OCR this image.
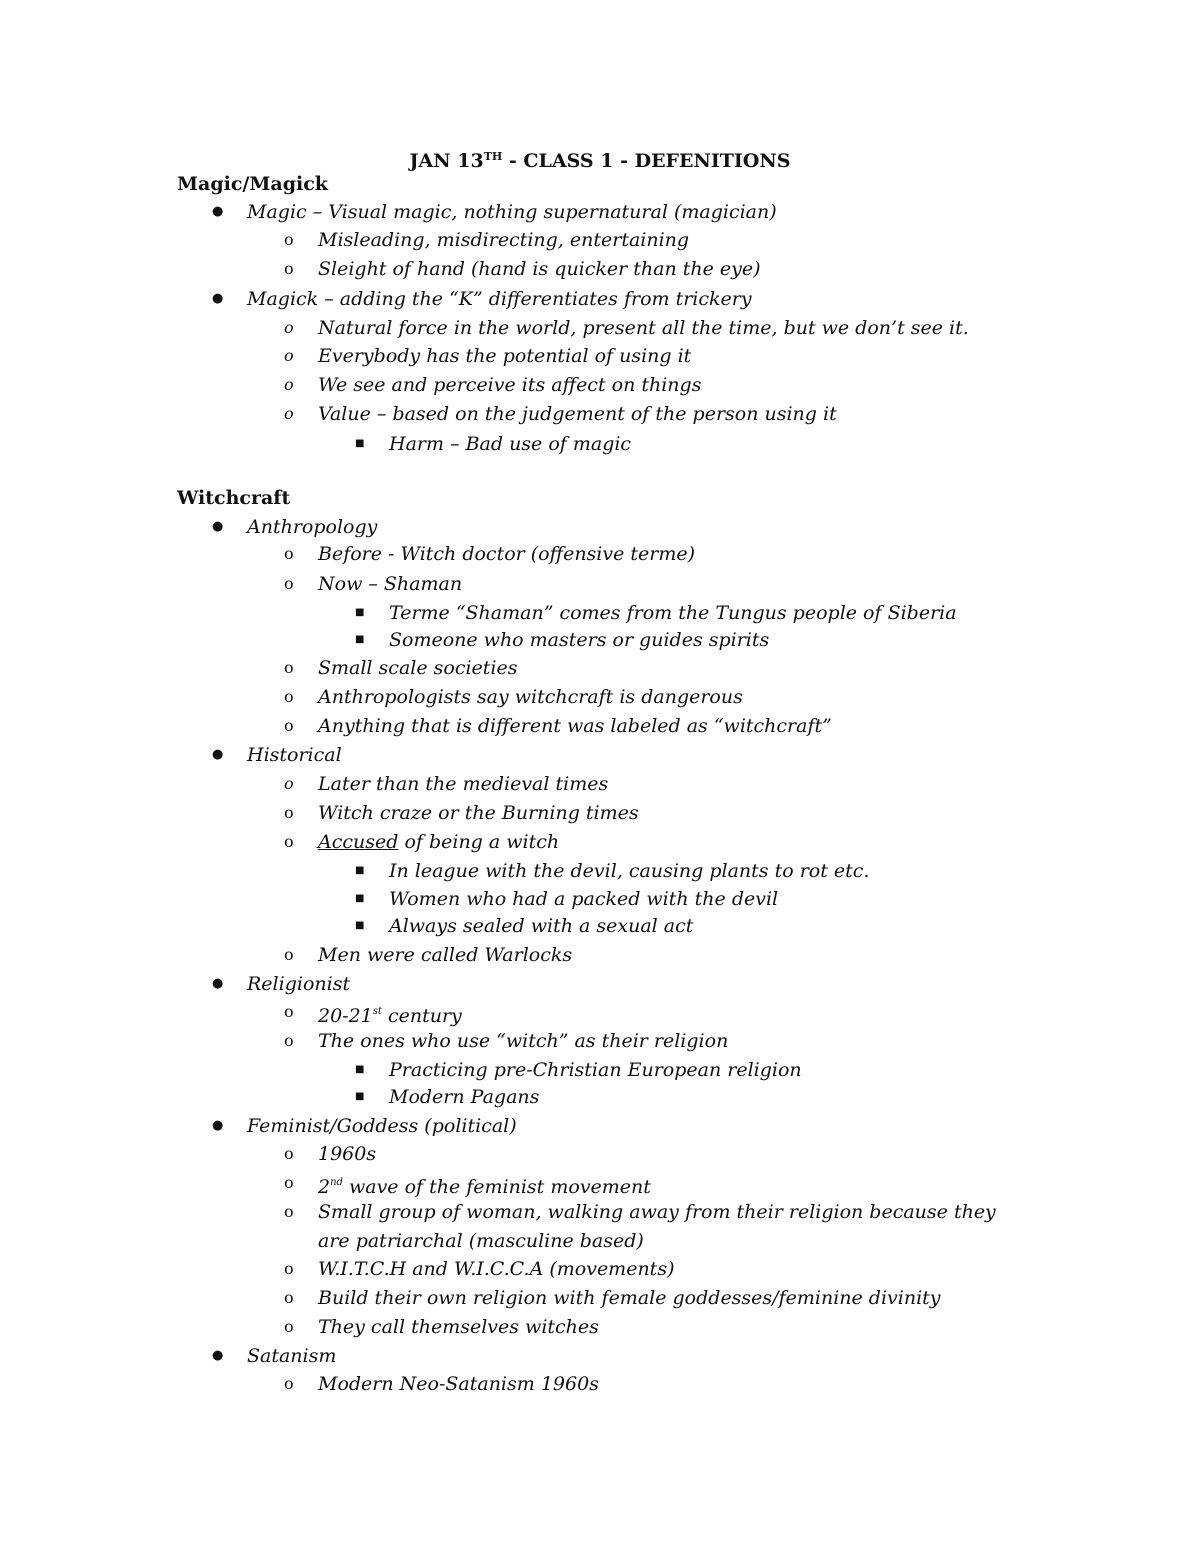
JAN 13TH - CLASS 1 - DEFENITIONS
Magic/Magick
● Magic – Visual magic, nothing supernatural (magician)
o Misleading, misdirecting, entertaining
o Sleight of hand (hand is quicker than the eye)
● Magick – adding the “K” differentiates from trickery
o Natural force in the world, present all the time, but we don’t see it.
o Everybody has the potential of using it
o We see and perceive its affect on things
o Value – based on the judgement of the person using it
■ Harm – Bad use of magic
Witchcraft
● Anthropology
o Before - Witch doctor (offensive terme)
o Now – Shaman
■ Terme “Shaman” comes from the Tungus people of Siberia
■ Someone who masters or guides spirits
o Small scale societies
o Anthropologists say witchcraft is dangerous
o Anything that is different was labeled as “witchcraft”
● Historical
o Later than the medieval times
o Witch craze or the Burning times
o Accused of being a witch
■ In league with the devil, causing plants to rot etc.
■ Women who had a packed with the devil
■ Always sealed with a sexual act
o Men were called Warlocks
● Religionist
o 20-21st century
o The ones who use “witch” as their religion
■ Practicing pre-Christian European religion
■ Modern Pagans
● Feminist/Goddess (political)
o 1960s
o 2nd wave of the feminist movement
o Small group of woman, walking away from their religion because they
are patriarchal (masculine based)
o W.I.T.C.H and W.I.C.C.A (movements)
o Build their own religion with female goddesses/feminine divinity
o They call themselves witches
● Satanism
o Modern Neo-Satanism 1960s
